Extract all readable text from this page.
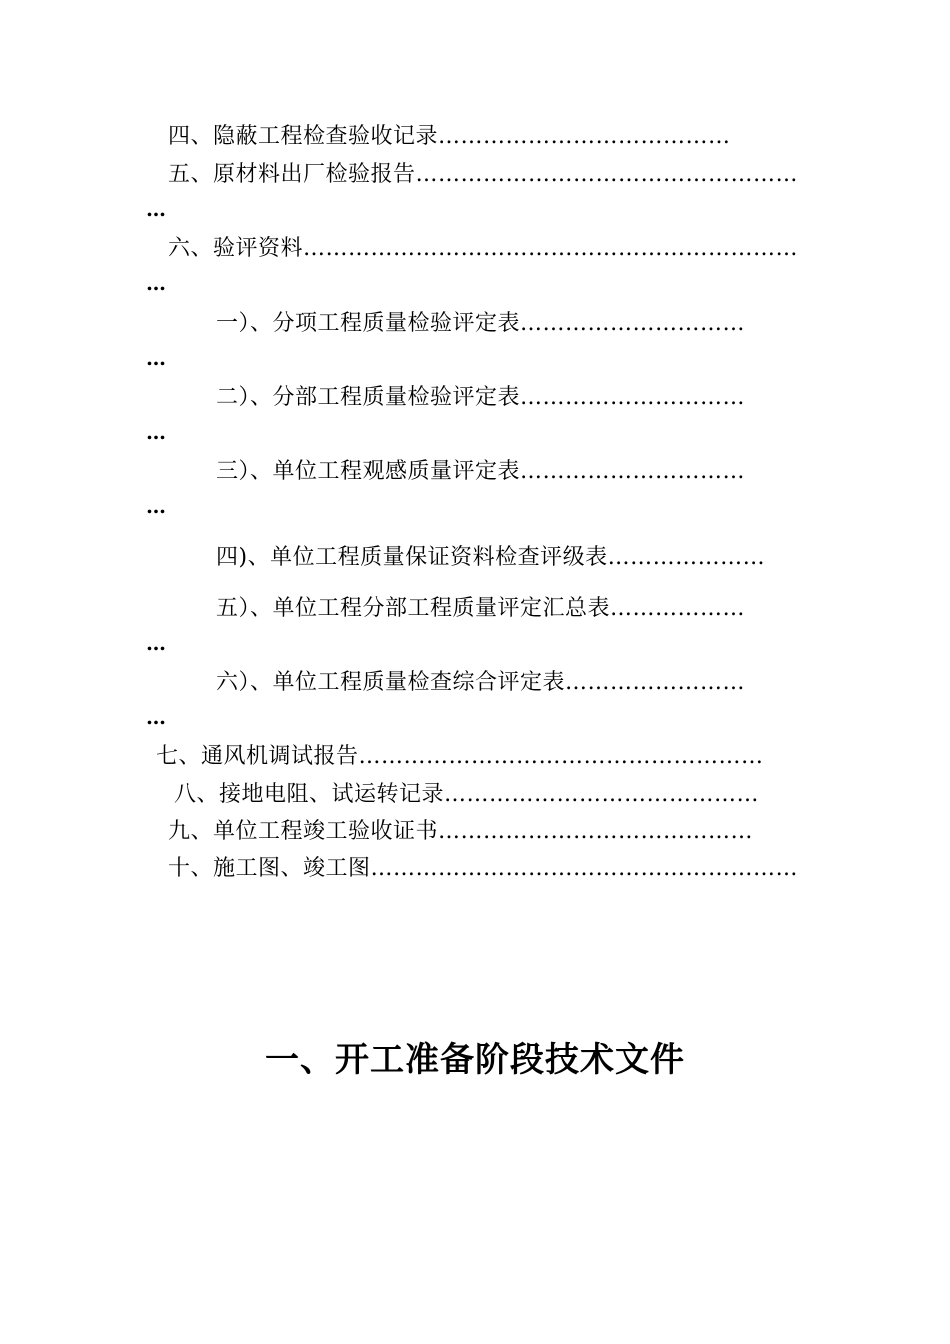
四、隐蔽工程检查验收记录…………………………………
五、原材料出厂检验报告……………………………………………
…
六、验评资料…………………………………………………………
…
一）、分项工程质量检验评定表…………………………
…
二）、分部工程质量检验评定表…………………………
…
三）、单位工程观感质量评定表…………………………
…
四)、单位工程质量保证资料检查评级表…………………
五）、单位工程分部工程质量评定汇总表………………
…
六）、单位工程质量检查综合评定表……………………
…
七、通风机调试报告………………………………………………
八、接地电阻、试运转记录……………………………………
九、单位工程竣工验收证书……………………………………
十、施工图、竣工图…………………………………………………
一、开工准备阶段技术文件
